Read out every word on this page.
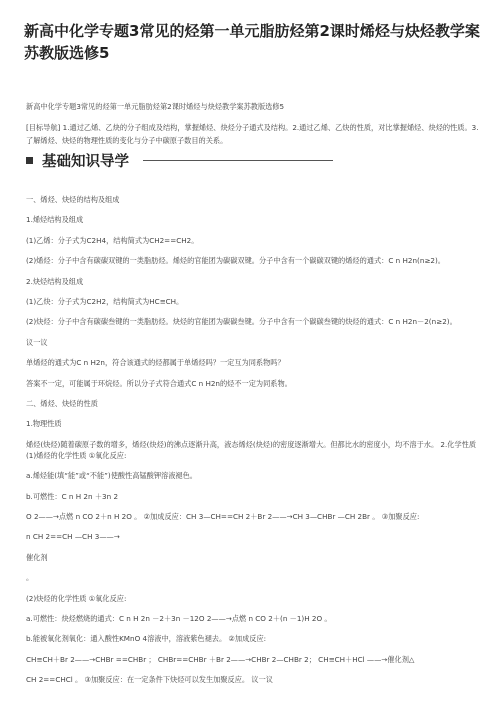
新高中化学专题3常见的烃第一单元脂肪烃第2课时烯烃与炔烃教学案苏教版选修5
新高中化学专题3常见的烃第一单元脂肪烃第2课时烯烃与炔烃教学案苏教版选修5
[目标导航] 1.通过乙烯、乙炔的分子组成及结构，掌握烯烃、炔烃分子通式及结构。2.通过乙烯、乙炔的性质，对比掌握烯烃、炔烃的性质。3.了解烯烃、炔烃的物理性质的变化与分子中碳原子数目的关系。
基础知识导学

一、烯烃、炔烃的结构及组成

1.烯烃结构及组成

(1)乙烯：分子式为C2H4，结构简式为CH2==CH2。

(2)烯烃：分子中含有碳碳双键的一类脂肪烃。烯烃的官能团为碳碳双键。分子中含有一个碳碳双键的烯烃的通式：C n H2n(n≥2)。

2.炔烃结构及组成

(1)乙炔：分子式为C2H2，结构简式为HC≡CH。

(2)炔烃：分子中含有碳碳叁键的一类脂肪烃。炔烃的官能团为碳碳叁键。分子中含有一个碳碳叁键的炔烃的通式：C n H2n－2(n≥2)。

议一议

单烯烃的通式为C n H2n，符合该通式的烃都属于单烯烃吗？一定互为同系物吗？

答案不一定，可能属于环烷烃。所以分子式符合通式C n H2n的烃不一定为同系物。

二、烯烃、炔烃的性质

1.物理性质

烯烃(炔烃)随着碳原子数的增多，烯烃(炔烃)的沸点逐渐升高，液态烯烃(炔烃)的密度逐渐增大。但都比水的密度小，均不溶于水。 2.化学性质 (1)烯烃的化学性质 ①氧化反应:

a.烯烃能(填“能”或“不能”)使酸性高锰酸钾溶液褪色。

b.可燃性：C n H 2n ＋3n 2

O 2——→点燃 n CO 2＋n H 2O 。 ②加成反应：CH 3—CH==CH 2＋Br 2——→CH 3—CHBr —CH 2Br 。 ③加聚反应:

n CH 2==CH —CH 3——→

催化剂

。

(2)炔烃的化学性质 ①氧化反应:

a.可燃性：炔烃燃烧的通式：C n H 2n －2＋3n －12O 2——→点燃 n CO 2＋(n －1)H 2O 。

b.能被氧化剂氧化：通入酸性KMnO 4溶液中，溶液紫色褪去。 ②加成反应:

CH≡CH＋Br 2——→CHBr ==CHBr ； CHBr==CHBr ＋Br 2——→CHBr 2—CHBr 2； CH≡CH＋HCl ——→催化剂△

CH 2==CHCl 。 ③加聚反应：在一定条件下炔烃可以发生加聚反应。 议一议
